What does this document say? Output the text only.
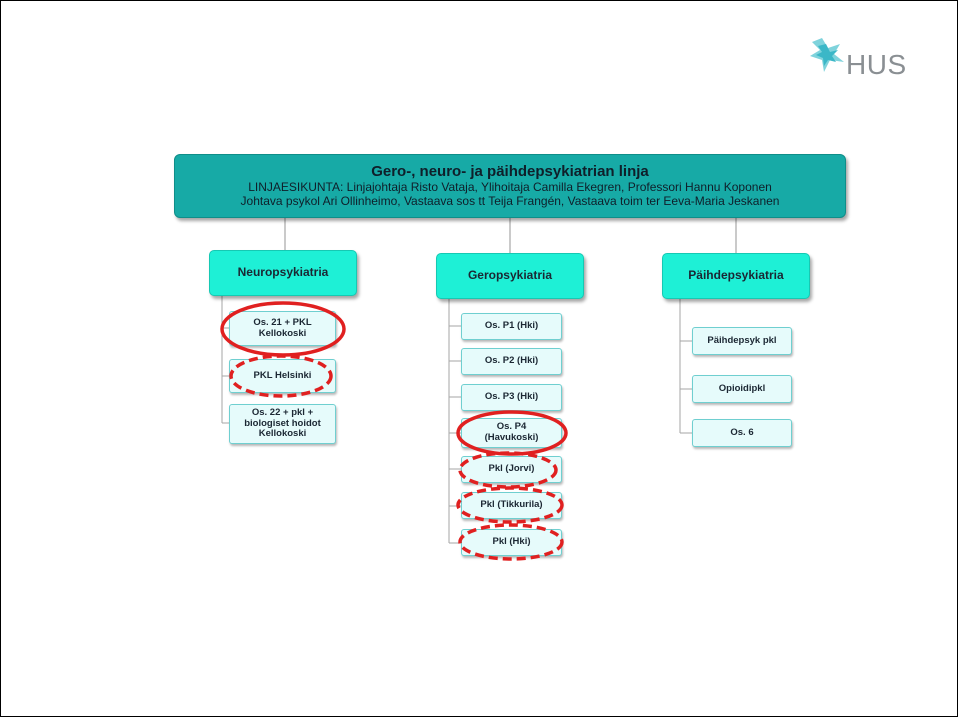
HUS
Gero-, neuro- ja päihdepsykiatrian linja
LINJAESIKUNTA: Linjajohtaja Risto Vataja, Ylihoitaja Camilla Ekegren, Professori Hannu Koponen
Johtava psykol Ari Ollinheimo, Vastaava sos tt Teija Frangén, Vastaava toim ter Eeva-Maria Jeskanen
Neuropsykiatria	Geropsykiatria	Päihdepsykiatria
Os. 21 + PKL
Kellokoski
PKL Helsinki
Os. 22 + pkl +
biologiset hoidot
Kellokoski
Os. P1 (Hki)
Os. P2 (Hki)
Os. P3 (Hki)
Os. P4
(Havukoski)
Pkl (Jorvi)
Pkl (Tikkurila)
Pkl (Hki)
Päihdepsyk pkl
Opioidipkl
Os. 6
